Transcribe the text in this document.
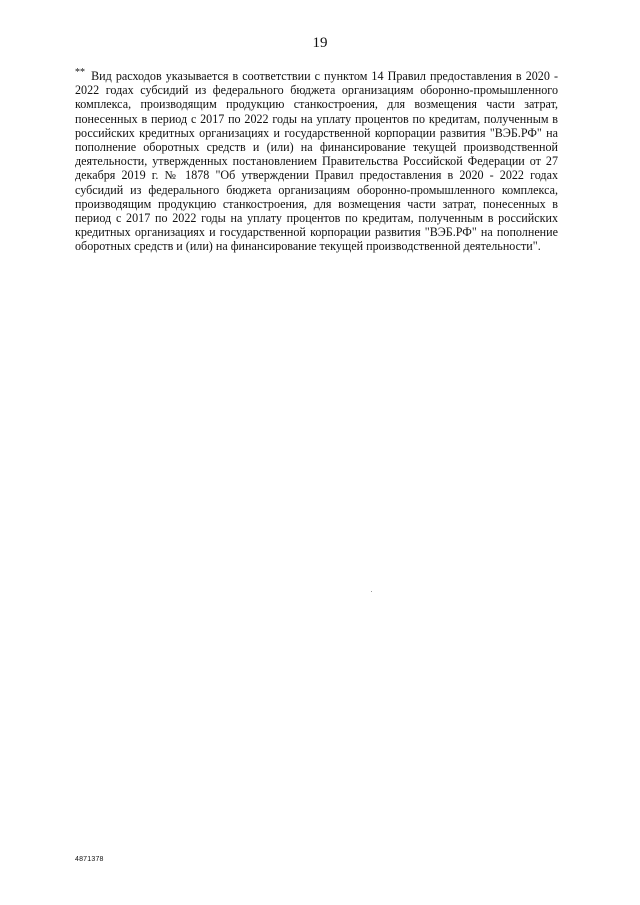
19

** Вид расходов указывается в соответствии с пунктом 14 Правил предоставления в 2020 - 2022 годах субсидий из федерального бюджета организациям оборонно-промышленного комплекса, производящим продукцию станкостроения, для возмещения части затрат, понесенных в период с 2017 по 2022 годы на уплату процентов по кредитам, полученным в российских кредитных организациях и государственной корпорации развития "ВЭБ.РФ" на пополнение оборотных средств и (или) на финансирование текущей производственной деятельности, утвержденных постановлением Правительства Российской Федерации от 27 декабря 2019 г. № 1878 "Об утверждении Правил предоставления в 2020 - 2022 годах субсидий из федерального бюджета организациям оборонно-промышленного комплекса, производящим продукцию станкостроения, для возмещения части затрат, понесенных в период с 2017 по 2022 годы на уплату процентов по кредитам, полученным в российских кредитных организациях и государственной корпорации развития "ВЭБ.РФ" на пополнение оборотных средств и (или) на финансирование текущей производственной деятельности".

4871378
